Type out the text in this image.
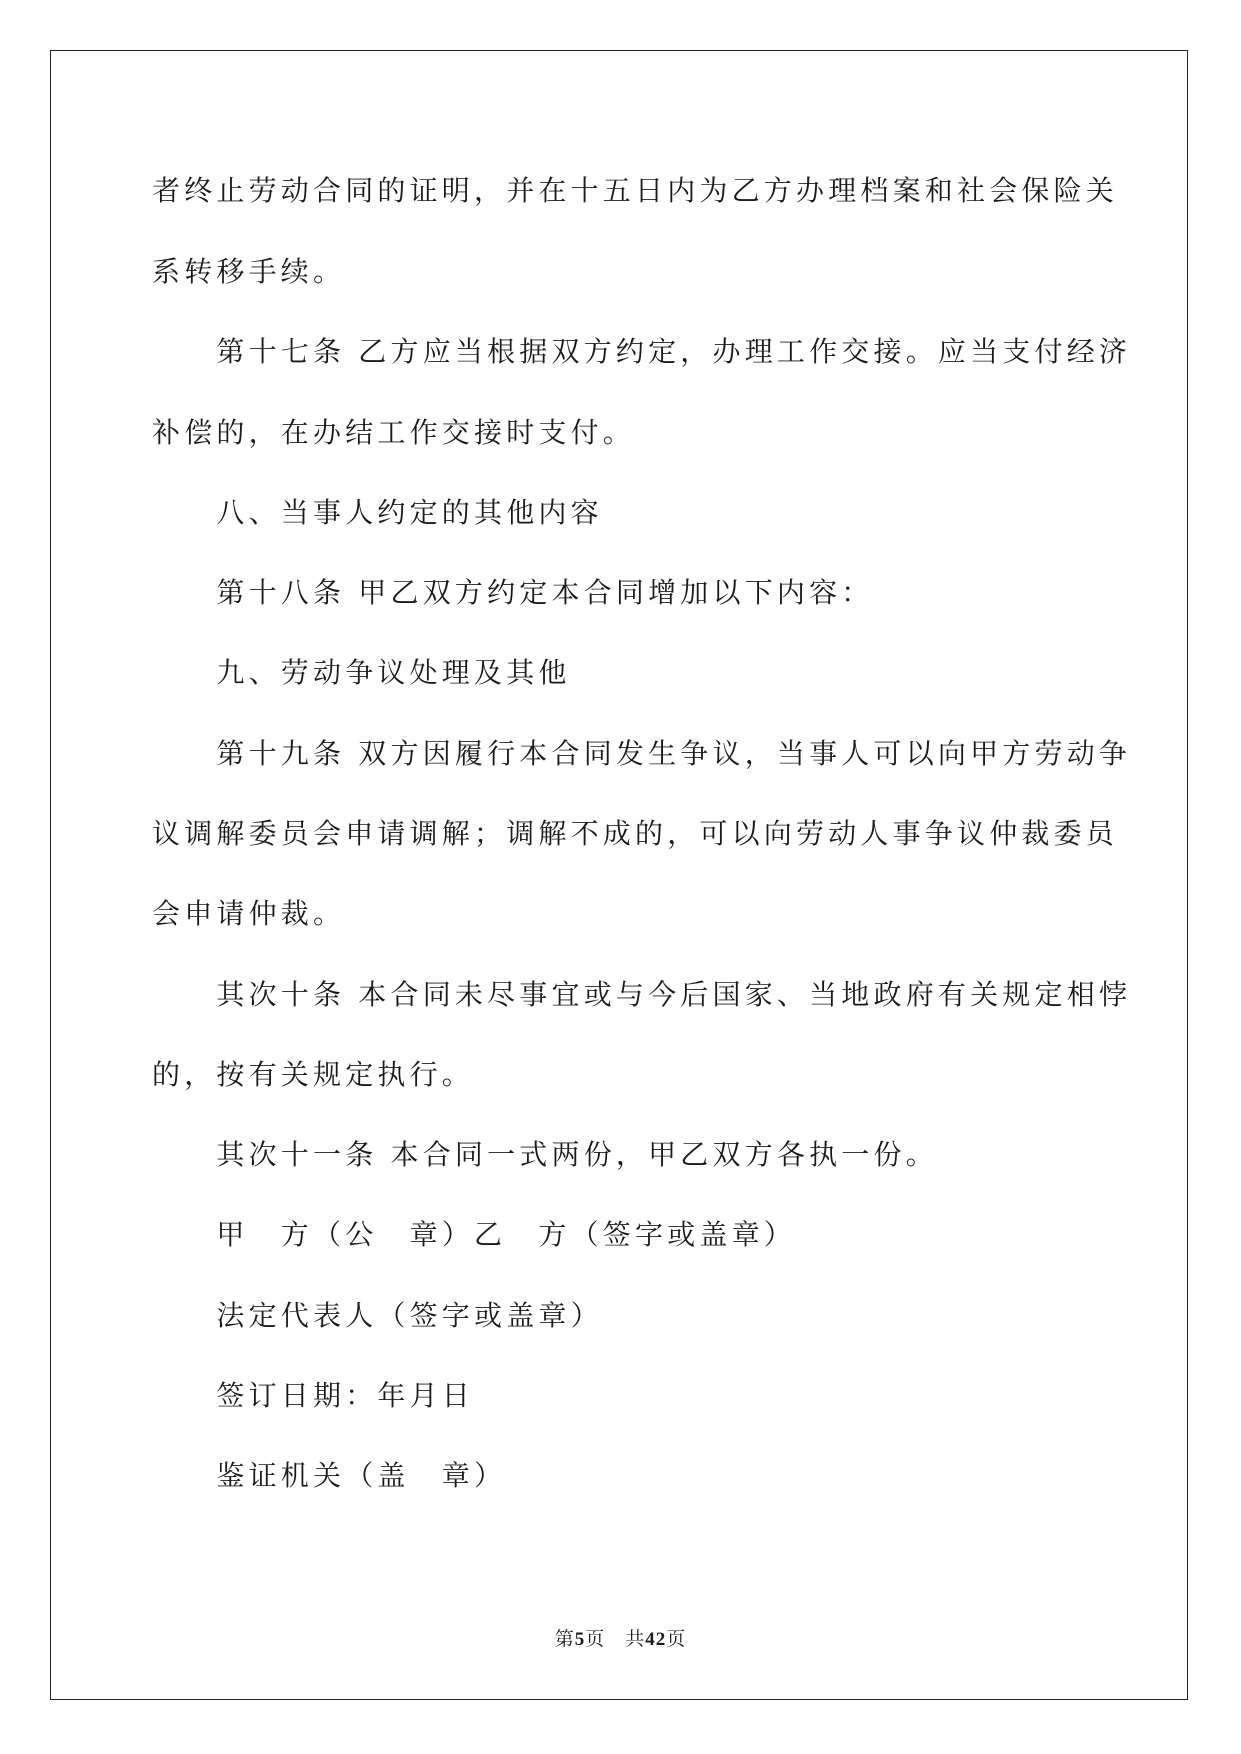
者终止劳动合同的证明，并在十五日内为乙方办理档案和社会保险关

系转移手续。

　　第十七条 乙方应当根据双方约定，办理工作交接。应当支付经济

补偿的，在办结工作交接时支付。

　　八、当事人约定的其他内容

　　第十八条 甲乙双方约定本合同增加以下内容：

　　九、劳动争议处理及其他

　　第十九条 双方因履行本合同发生争议，当事人可以向甲方劳动争

议调解委员会申请调解；调解不成的，可以向劳动人事争议仲裁委员

会申请仲裁。

　　其次十条 本合同未尽事宜或与今后国家、当地政府有关规定相悖

的，按有关规定执行。

　　其次十一条 本合同一式两份，甲乙双方各执一份。

　　甲　方（公　章）乙　方（签字或盖章）

　　法定代表人（签字或盖章）

　　签订日期：年月日

　　鉴证机关（盖　章）

第5页　共42页
